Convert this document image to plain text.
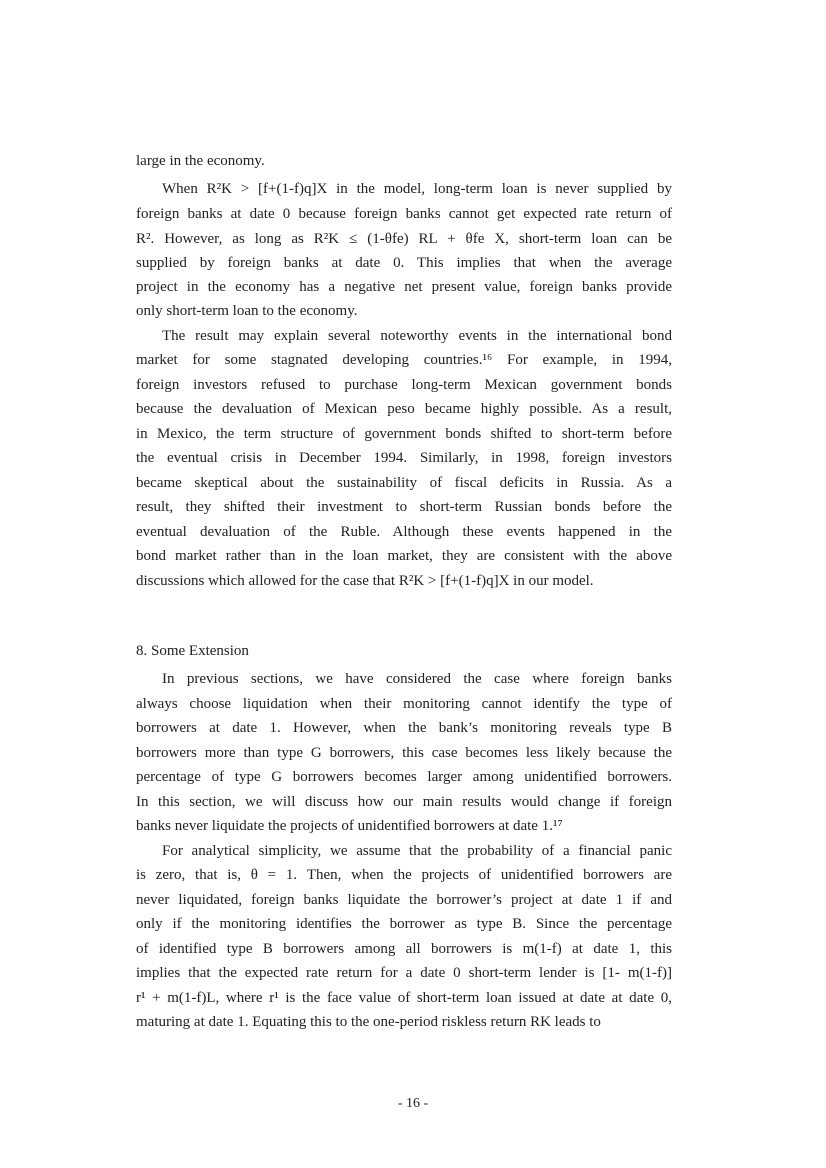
large in the economy.
When R²K > [f+(1-f)q]X in the model, long-term loan is never supplied by
foreign banks at date 0 because foreign banks cannot get expected rate return of
R². However, as long as R²K ≤ (1-θfe) RL + θfe X, short-term loan can be
supplied by foreign banks at date 0. This implies that when the average
project in the economy has a negative net present value, foreign banks provide
only short-term loan to the economy.
The result may explain several noteworthy events in the international bond
market for some stagnated developing countries.¹⁶ For example, in 1994,
foreign investors refused to purchase long-term Mexican government bonds
because the devaluation of Mexican peso became highly possible. As a result,
in Mexico, the term structure of government bonds shifted to short-term before
the eventual crisis in December 1994. Similarly, in 1998, foreign investors
became skeptical about the sustainability of fiscal deficits in Russia. As a
result, they shifted their investment to short-term Russian bonds before the
eventual devaluation of the Ruble. Although these events happened in the
bond market rather than in the loan market, they are consistent with the above
discussions which allowed for the case that R²K > [f+(1-f)q]X in our model.
8. Some Extension
In previous sections, we have considered the case where foreign banks
always choose liquidation when their monitoring cannot identify the type of
borrowers at date 1. However, when the bank’s monitoring reveals type B
borrowers more than type G borrowers, this case becomes less likely because the
percentage of type G borrowers becomes larger among unidentified borrowers.
In this section, we will discuss how our main results would change if foreign
banks never liquidate the projects of unidentified borrowers at date 1.¹⁷
For analytical simplicity, we assume that the probability of a financial panic
is zero, that is, θ = 1. Then, when the projects of unidentified borrowers are
never liquidated, foreign banks liquidate the borrower’s project at date 1 if and
only if the monitoring identifies the borrower as type B. Since the percentage
of identified type B borrowers among all borrowers is m(1-f) at date 1, this
implies that the expected rate return for a date 0 short-term lender is [1- m(1-f)]
r¹ + m(1-f)L, where r¹ is the face value of short-term loan issued at date at date 0,
maturing at date 1. Equating this to the one-period riskless return RK leads to
- 16 -
